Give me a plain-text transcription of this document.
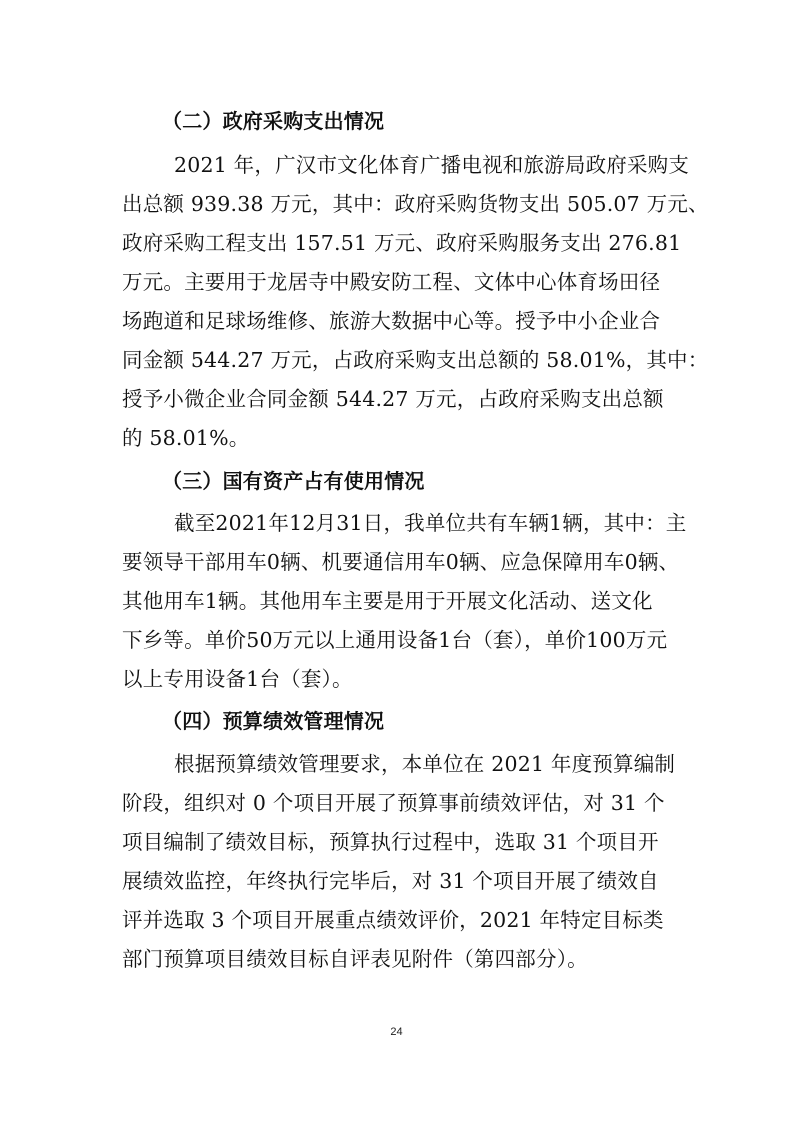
（二）政府采购支出情况
2021 年，广汉市文化体育广播电视和旅游局政府采购支
出总额 939.38 万元，其中：政府采购货物支出 505.07 万元、
政府采购工程支出 157.51 万元、政府采购服务支出 276.81
万元。主要用于龙居寺中殿安防工程、文体中心体育场田径
场跑道和足球场维修、旅游大数据中心等。授予中小企业合
同金额 544.27 万元，占政府采购支出总额的 58.01%，其中：
授予小微企业合同金额 544.27 万元，占政府采购支出总额
的 58.01%。
（三）国有资产占有使用情况
截至2021年12月31日，我单位共有车辆1辆，其中：主
要领导干部用车0辆、机要通信用车0辆、应急保障用车0辆、
其他用车1辆。其他用车主要是用于开展文化活动、送文化
下乡等。单价50万元以上通用设备1台（套），单价100万元
以上专用设备1台（套）。
（四）预算绩效管理情况
根据预算绩效管理要求，本单位在 2021 年度预算编制
阶段，组织对 0 个项目开展了预算事前绩效评估，对 31 个
项目编制了绩效目标，预算执行过程中，选取 31 个项目开
展绩效监控，年终执行完毕后，对 31 个项目开展了绩效自
评并选取 3 个项目开展重点绩效评价，2021 年特定目标类
部门预算项目绩效目标自评表见附件（第四部分）。
24
